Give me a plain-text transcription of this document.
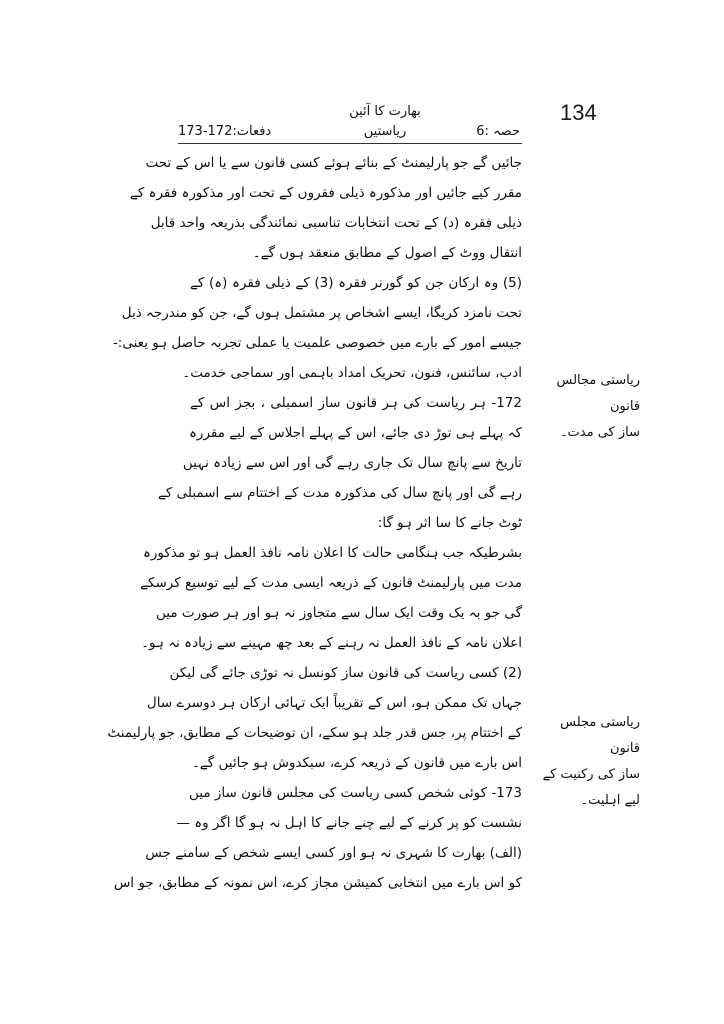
134
بھارت کا آئین
حصہ :6
ریاستیں
دفعات:172-173
جائیں گے جو پارلیمنٹ کے بنائے ہوئے کسی قانون سے یا اس کے تحت
مقرر کیے جائیں اور مذکورہ ذیلی فقروں کے تحت اور مذکورہ فقرہ کے
ذیلی فقرہ (د) کے تحت انتخابات تناسبی نمائندگی بذریعہ واحد قابل
انتقال ووٹ کے اصول کے مطابق منعقد ہوں گے۔
(5) وہ ارکان جن کو گورنر فقرہ (3) کے ذیلی فقرہ (ہ) کے
تحت نامزد کریگا، ایسے اشخاص پر مشتمل ہوں گے، جن کو مندرجہ ذیل
جیسے امور کے بارے میں خصوصی علمیت یا عملی تجربہ حاصل ہو یعنی:-
ادب، سائنس، فنون، تحریک امداد باہمی اور سماجی خدمت۔
172- ہر ریاست کی ہر قانون ساز اسمبلی ، بجز اس کے
کہ پہلے ہی توڑ دی جائے، اس کے پہلے اجلاس کے لیے مقررہ
تاریخ سے پانچ سال تک جاری رہے گی اور اس سے زیادہ نہیں
رہے گی اور پانچ سال کی مذکورہ مدت کے اختتام سے اسمبلی کے
ٹوٹ جانے کا سا اثر ہو گا:
بشرطیکہ جب ہنگامی حالت کا اعلان نامہ نافذ العمل ہو تو مذکورہ
مدت میں پارلیمنٹ قانون کے ذریعہ ایسی مدت کے لیے توسیع کرسکے
گی جو بہ یک وقت ایک سال سے متجاوز نہ ہو اور ہر صورت میں
اعلان نامہ کے نافذ العمل نہ رہنے کے بعد چھ مہینے سے زیادہ نہ ہو۔
(2) کسی ریاست کی قانون ساز کونسل نہ توڑی جائے گی لیکن
جہاں تک ممکن ہو، اس کے تقریباً ایک تہائی ارکان ہر دوسرے سال
کے اختتام پر، جس قدر جلد ہو سکے، ان توضیحات کے مطابق، جو پارلیمنٹ
اس بارے میں قانون کے ذریعہ کرے، سبکدوش ہو جائیں گے۔
173- کوئی شخص کسی ریاست کی مجلس قانون ساز میں
نشست کو پر کرنے کے لیے چنے جانے کا اہل نہ ہو گا اگر وہ —
(الف) بھارت کا شہری نہ ہو اور کسی ایسے شخص کے سامنے جس
کو اس بارے میں انتخابی کمیشن مجاز کرے، اس نمونہ کے مطابق، جو اس
ریاستی مجالس قانون
ساز کی مدت۔
ریاستی مجلس قانون
ساز کی رکنیت کے
لیے اہلیت۔
